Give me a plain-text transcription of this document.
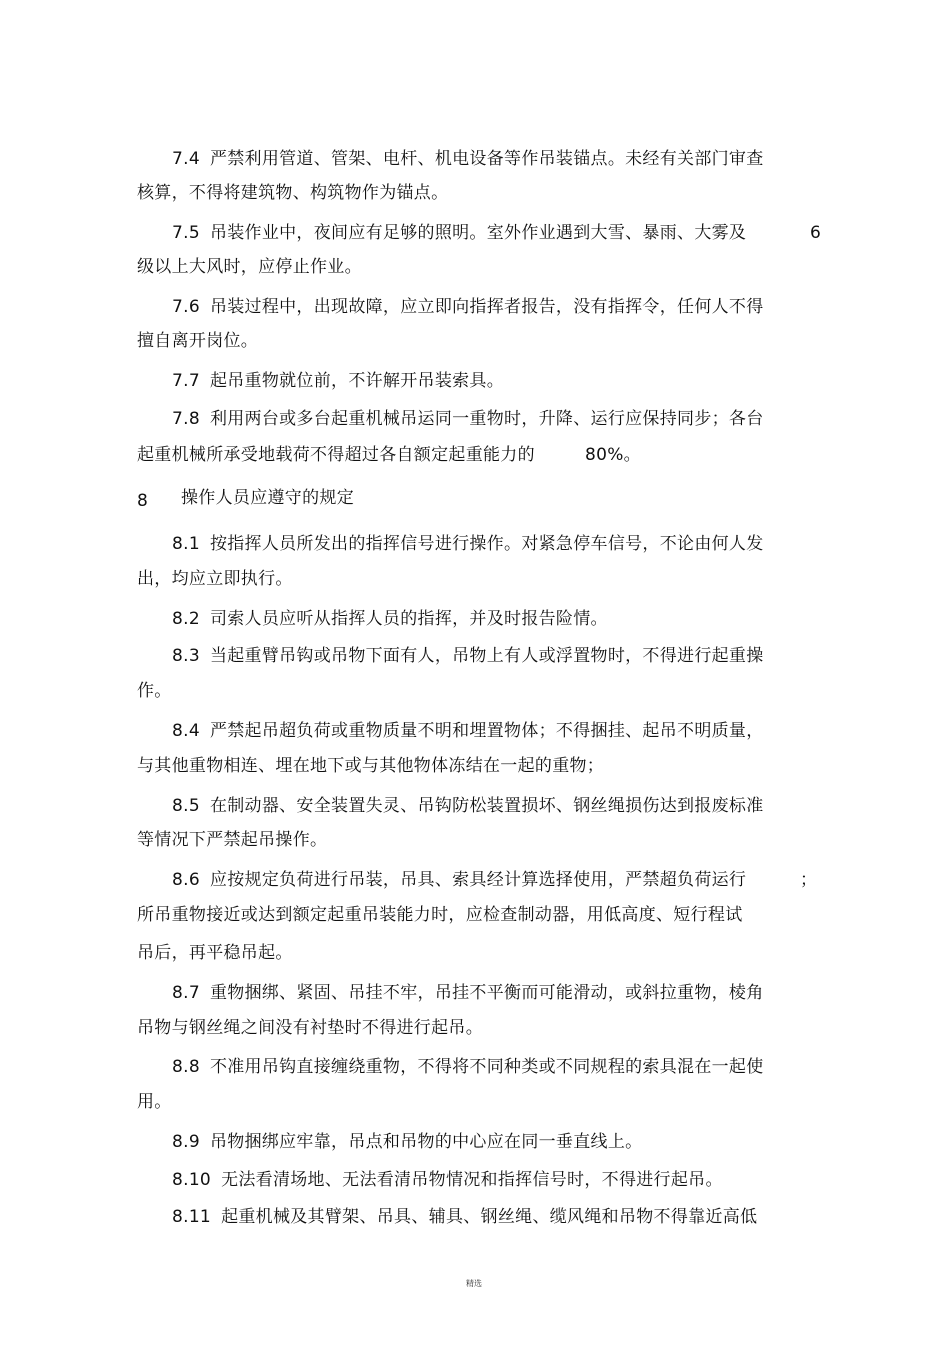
7.4 严禁利用管道、管架、电杆、机电设备等作吊装锚点。未经有关部门审查
核算，不得将建筑物、构筑物作为锚点。
7.5 吊装作业中，夜间应有足够的照明。室外作业遇到大雪、暴雨、大雾及	6
级以上大风时，应停止作业。
7.6 吊装过程中，出现故障，应立即向指挥者报告，没有指挥令，任何人不得
擅自离开岗位。
7.7 起吊重物就位前，不许解开吊装索具。
7.8 利用两台或多台起重机械吊运同一重物时，升降、运行应保持同步；各台
起重机械所承受地载荷不得超过各自额定起重能力的	80%。
8 操作人员应遵守的规定
8.1 按指挥人员所发出的指挥信号进行操作。对紧急停车信号，不论由何人发
出，均应立即执行。
8.2 司索人员应听从指挥人员的指挥，并及时报告险情。
8.3 当起重臂吊钩或吊物下面有人，吊物上有人或浮置物时，不得进行起重操
作。
8.4 严禁起吊超负荷或重物质量不明和埋置物体；不得捆挂、起吊不明质量，
与其他重物相连、埋在地下或与其他物体冻结在一起的重物；
8.5 在制动器、安全装置失灵、吊钩防松装置损坏、钢丝绳损伤达到报废标准
等情况下严禁起吊操作。
8.6 应按规定负荷进行吊装，吊具、索具经计算选择使用，严禁超负荷运行	；
所吊重物接近或达到额定起重吊装能力时，应检查制动器，用低高度、短行程试
吊后，再平稳吊起。
8.7 重物捆绑、紧固、吊挂不牢，吊挂不平衡而可能滑动，或斜拉重物，棱角
吊物与钢丝绳之间没有衬垫时不得进行起吊。
8.8 不准用吊钩直接缠绕重物，不得将不同种类或不同规程的索具混在一起使
用。
8.9 吊物捆绑应牢靠，吊点和吊物的中心应在同一垂直线上。
8.10 无法看清场地、无法看清吊物情况和指挥信号时，不得进行起吊。
8.11 起重机械及其臂架、吊具、辅具、钢丝绳、缆风绳和吊物不得靠近高低
精选
